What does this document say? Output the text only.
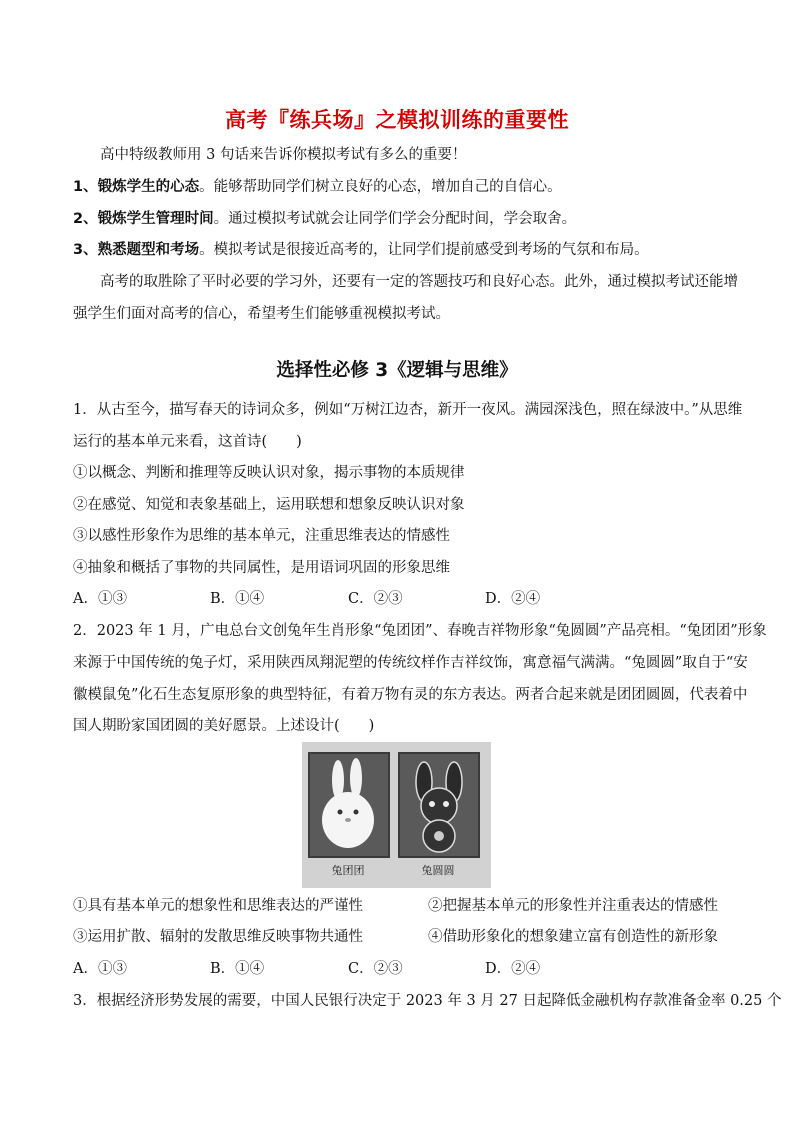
高考『练兵场』之模拟训练的重要性
高中特级教师用 3 句话来告诉你模拟考试有多么的重要！
1、锻炼学生的心态。能够帮助同学们树立良好的心态，增加自己的自信心。
2、锻炼学生管理时间。通过模拟考试就会让同学们学会分配时间，学会取舍。
3、熟悉题型和考场。模拟考试是很接近高考的，让同学们提前感受到考场的气氛和布局。
高考的取胜除了平时必要的学习外，还要有一定的答题技巧和良好心态。此外，通过模拟考试还能增
强学生们面对高考的信心，希望考生们能够重视模拟考试。
选择性必修 3《逻辑与思维》
1．从古至今，描写春天的诗词众多，例如“万树江边杏，新开一夜风。满园深浅色，照在绿波中。”从思维
运行的基本单元来看，这首诗(　　)
①以概念、判断和推理等反映认识对象，揭示事物的本质规律
②在感觉、知觉和表象基础上，运用联想和想象反映认识对象
③以感性形象作为思维的基本单元，注重思维表达的情感性
④抽象和概括了事物的共同属性，是用语词巩固的形象思维
A．①③	B．①④	C．②③	D．②④
2．2023 年 1 月，广电总台文创兔年生肖形象“兔团团”、春晚吉祥物形象“兔圆圆”产品亮相。“兔团团”形象
来源于中国传统的兔子灯，采用陕西凤翔泥塑的传统纹样作吉祥纹饰，寓意福气满满。“兔圆圆”取自于“安
徽模鼠兔”化石生态复原形象的典型特征，有着万物有灵的东方表达。两者合起来就是团团圆圆，代表着中
国人期盼家国团圆的美好愿景。上述设计(　　)
兔团团	兔圆圆
①具有基本单元的想象性和思维表达的严谨性	②把握基本单元的形象性并注重表达的情感性
③运用扩散、辐射的发散思维反映事物共通性	④借助形象化的想象建立富有创造性的新形象
A．①③	B．①④	C．②③	D．②④
3．根据经济形势发展的需要，中国人民银行决定于 2023 年 3 月 27 日起降低金融机构存款准备金率 0.25 个
